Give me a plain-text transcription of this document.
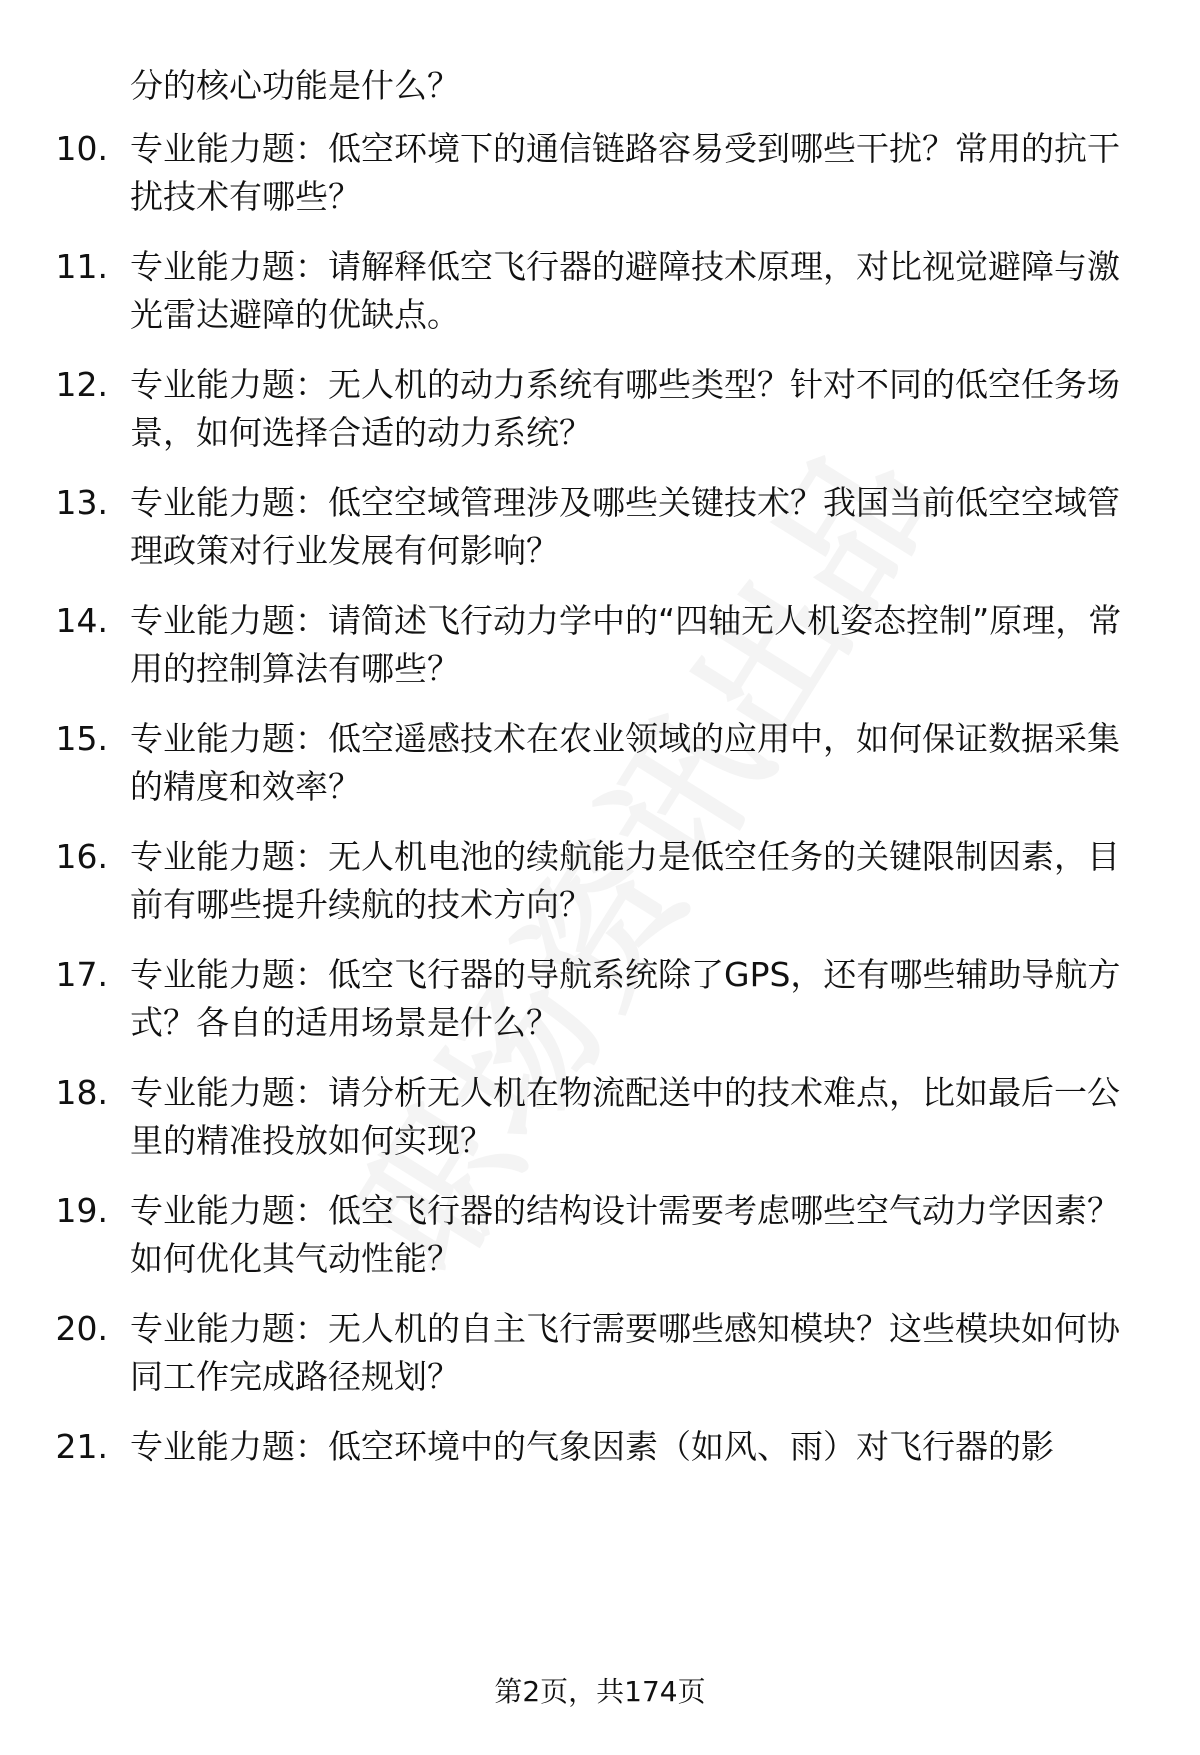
分的核心功能是什么？
10. 专业能力题：低空环境下的通信链路容易受到哪些干扰？常用的抗干扰技术有哪些？
11. 专业能力题：请解释低空飞行器的避障技术原理，对比视觉避障与激光雷达避障的优缺点。
12. 专业能力题：无人机的动力系统有哪些类型？针对不同的低空任务场景，如何选择合适的动力系统？
13. 专业能力题：低空空域管理涉及哪些关键技术？我国当前低空空域管理政策对行业发展有何影响？
14. 专业能力题：请简述飞行动力学中的“四轴无人机姿态控制”原理，常用的控制算法有哪些？
15. 专业能力题：低空遥感技术在农业领域的应用中，如何保证数据采集的精度和效率？
16. 专业能力题：无人机电池的续航能力是低空任务的关键限制因素，目前有哪些提升续航的技术方向？
17. 专业能力题：低空飞行器的导航系统除了GPS，还有哪些辅助导航方式？各自的适用场景是什么？
18. 专业能力题：请分析无人机在物流配送中的技术难点，比如最后一公里的精准投放如何实现？
19. 专业能力题：低空飞行器的结构设计需要考虑哪些空气动力学因素？如何优化其气动性能？
20. 专业能力题：无人机的自主飞行需要哪些感知模块？这些模块如何协同工作完成路径规划？
21. 专业能力题：低空环境中的气象因素（如风、雨）对飞行器的影
第2页，共174页
